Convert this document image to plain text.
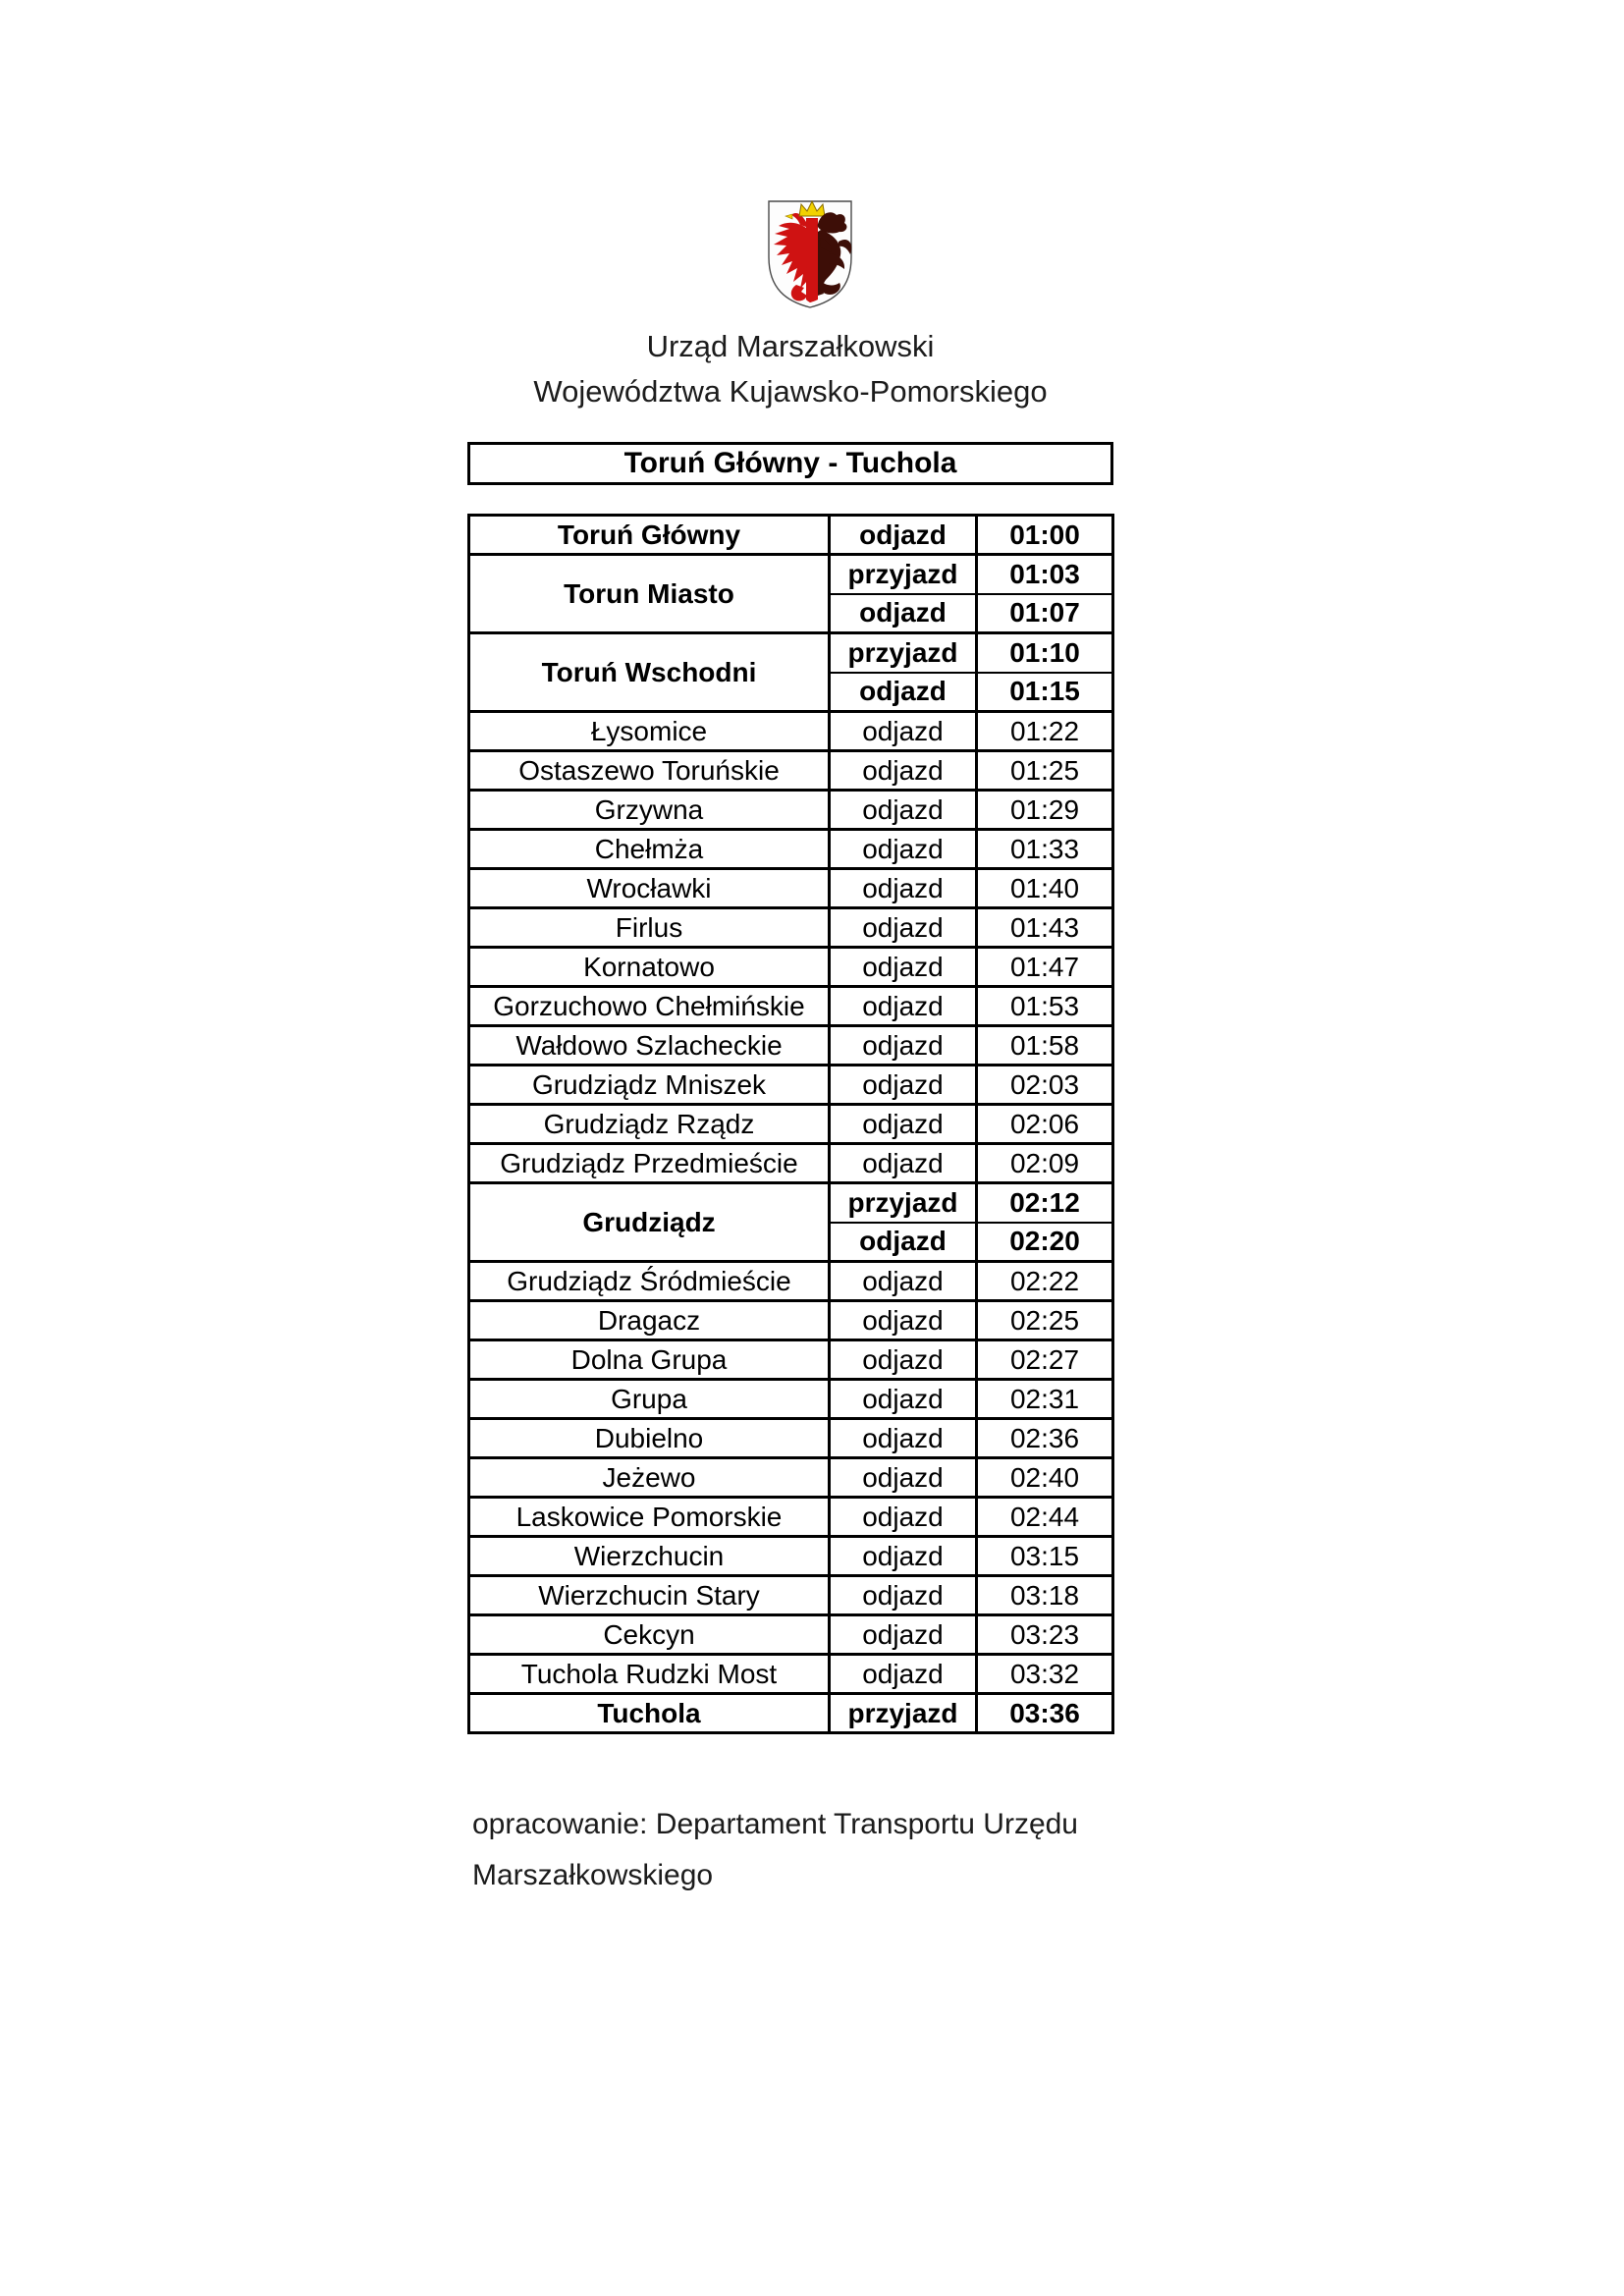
Urząd Marszałkowski
Województwa Kujawsko-Pomorskiego
Toruń Główny - Tuchola
Toruń Główny	odjazd	01:00
Torun Miasto	przyjazd	01:03
	odjazd	01:07
Toruń Wschodni	przyjazd	01:10
	odjazd	01:15
Łysomice	odjazd	01:22
Ostaszewo Toruńskie	odjazd	01:25
Grzywna	odjazd	01:29
Chełmża	odjazd	01:33
Wrocławki	odjazd	01:40
Firlus	odjazd	01:43
Kornatowo	odjazd	01:47
Gorzuchowo Chełmińskie	odjazd	01:53
Wałdowo Szlacheckie	odjazd	01:58
Grudziądz Mniszek	odjazd	02:03
Grudziądz Rządz	odjazd	02:06
Grudziądz Przedmieście	odjazd	02:09
Grudziądz	przyjazd	02:12
	odjazd	02:20
Grudziądz Śródmieście	odjazd	02:22
Dragacz	odjazd	02:25
Dolna Grupa	odjazd	02:27
Grupa	odjazd	02:31
Dubielno	odjazd	02:36
Jeżewo	odjazd	02:40
Laskowice Pomorskie	odjazd	02:44
Wierzchucin	odjazd	03:15
Wierzchucin Stary	odjazd	03:18
Cekcyn	odjazd	03:23
Tuchola Rudzki Most	odjazd	03:32
Tuchola	przyjazd	03:36
opracowanie: Departament Transportu Urzędu
Marszałkowskiego
